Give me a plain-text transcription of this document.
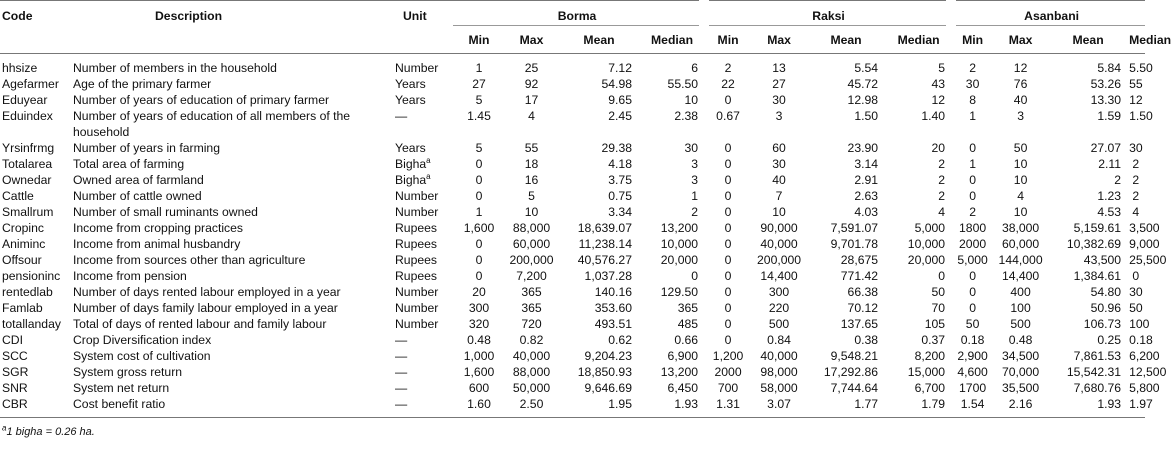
Code	Description	Unit	Borma				Raksi				Asanbani			
			Min	Max	Mean	Median	Min	Max	Mean	Median	Min	Max	Mean	Median
hhsize	Number of members in the household	Number	1	25	7.12	6	2	13	5.54	5	2	12	5.84	5.50
Agefarmer	Age of the primary farmer	Years	27	92	54.98	55.50	22	27	45.72	43	30	76	53.26	55
Eduyear	Number of years of education of primary farmer	Years	5	17	9.65	10	0	30	12.98	12	8	40	13.30	12
Eduindex	Number of years of education of all members of the household	—	1.45	4	2.45	2.38	0.67	3	1.50	1.40	1	3	1.59	1.50
Yrsinfrmg	Number of years in farming	Years	5	55	29.38	30	0	60	23.90	20	0	50	27.07	30
Totalarea	Total area of farming	Bigha$^a$	0	18	4.18	3	0	30	3.14	2	1	10	2.11	2
Ownedar	Owned area of farmland	Bigha$^a$	0	16	3.75	3	0	40	2.91	2	0	10	2	2
Cattle	Number of cattle owned	Number	0	5	0.75	1	0	7	2.63	2	0	4	1.23	2
Smallrum	Number of small ruminants owned	Number	1	10	3.34	2	0	10	4.03	4	2	10	4.53	4
Cropinc	Income from cropping practices	Rupees	1,600	88,000	18,639.07	13,200	0	90,000	7,591.07	5,000	1800	38,000	5,159.61	3,500
Animinc	Income from animal husbandry	Rupees	0	60,000	11,238.14	10,000	0	40,000	9,701.78	10,000	2000	60,000	10,382.69	9,000
Offsour	Income from sources other than agriculture	Rupees	0	200,000	40,576.27	20,000	0	200,000	28,675	20,000	5,000	144,000	43,500	25,500
pensioninc	Income from pension	Rupees	0	7,200	1,037.28	0	0	14,400	771.42	0	0	14,400	1,384.61	0
rentedlab	Number of days rented labour employed in a year	Number	20	365	140.16	129.50	0	300	66.38	50	0	400	54.80	30
Famlab	Number of days family labour employed in a year	Number	300	365	353.60	365	0	220	70.12	70	0	100	50.96	50
totallanday	Total of days of rented labour and family labour	Number	320	720	493.51	485	0	500	137.65	105	50	500	106.73	100
CDI	Crop Diversification index	—	0.48	0.82	0.62	0.66	0	0.84	0.38	0.37	0.18	0.48	0.25	0.18
SCC	System cost of cultivation	—	1,000	40,000	9,204.23	6,900	1,200	40,000	9,548.21	8,200	2,900	34,500	7,861.53	6,200
SGR	System gross return	—	1,600	88,000	18,850.93	13,200	2000	98,000	17,292.86	15,000	4,600	70,000	15,542.31	12,500
SNR	System net return	—	600	50,000	9,646.69	6,450	700	58,000	7,744.64	6,700	1700	35,500	7,680.76	5,800
CBR	Cost benefit ratio	—	1.60	2.50	1.95	1.93	1.31	3.07	1.77	1.79	1.54	2.16	1.93	1.97
$^a$1 bigha = 0.26 ha.
